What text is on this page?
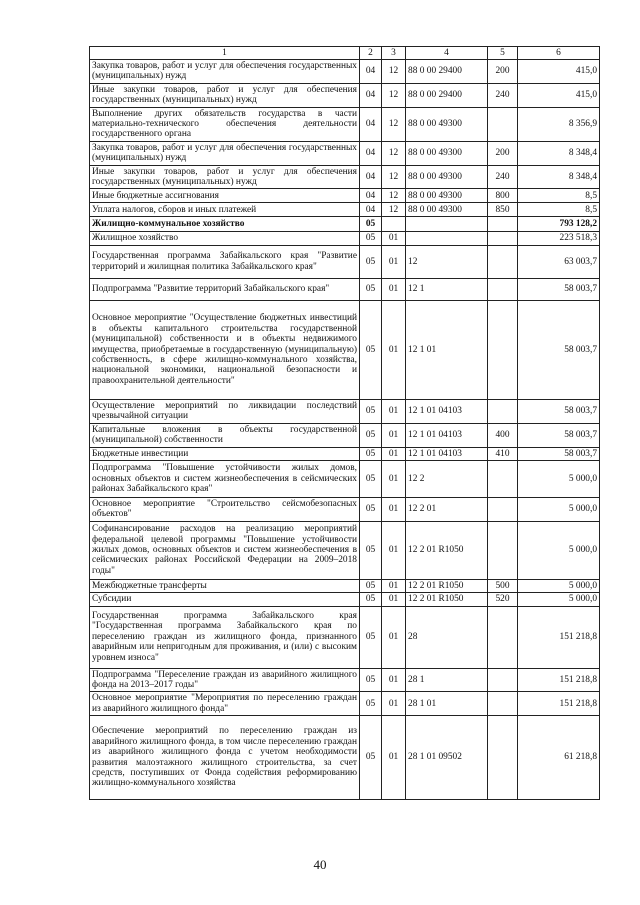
1	2	3	4	5	6
Закупка товаров, работ и услуг для обеспечения государственных (муниципальных) нужд	04	12	88 0 00 29400	200	415,0
Иные закупки товаров, работ и услуг для обеспечения государственных (муниципальных) нужд	04	12	88 0 00 29400	240	415,0
Выполнение других обязательств государства в части материально-технического обеспечения деятельности государственного органа	04	12	88 0 00 49300		8 356,9
Закупка товаров, работ и услуг для обеспечения государственных (муниципальных) нужд	04	12	88 0 00 49300	200	8 348,4
Иные закупки товаров, работ и услуг для обеспечения государственных (муниципальных) нужд	04	12	88 0 00 49300	240	8 348,4
Иные бюджетные ассигнования	04	12	88 0 00 49300	800	8,5
Уплата налогов, сборов и иных платежей	04	12	88 0 00 49300	850	8,5
Жилищно-коммунальное хозяйство	05				793 128,2
Жилищное хозяйство	05	01			223 518,3
Государственная программа Забайкальского края "Развитие территорий и жилищная политика Забайкальского края"	05	01	12		63 003,7
Подпрограмма "Развитие территорий Забайкальского края"	05	01	12 1		58 003,7
Основное мероприятие "Осуществление бюджетных инвестиций в объекты капитального строительства государственной (муниципальной) собственности и в объекты недвижимого имущества, приобретаемые в государственную (муниципальную) собственность, в сфере жилищно-коммунального хозяйства, национальной экономики, национальной безопасности и правоохранительной деятельности"	05	01	12 1 01		58 003,7
Осуществление мероприятий по ликвидации последствий чрезвычайной ситуации	05	01	12 1 01 04103		58 003,7
Капитальные вложения в объекты государственной (муниципальной) собственности	05	01	12 1 01 04103	400	58 003,7
Бюджетные инвестиции	05	01	12 1 01 04103	410	58 003,7
Подпрограмма "Повышение устойчивости жилых домов, основных объектов и систем жизнеобеспечения в сейсмических районах Забайкальского края"	05	01	12 2		5 000,0
Основное мероприятие "Строительство сейсмобезопасных объектов"	05	01	12 2 01		5 000,0
Софинансирование расходов на реализацию мероприятий федеральной целевой программы "Повышение устойчивости жилых домов, основных объектов и систем жизнеобеспечения в сейсмических районах Российской Федерации на 2009–2018 годы"	05	01	12 2 01 R1050		5 000,0
Межбюджетные трансферты	05	01	12 2 01 R1050	500	5 000,0
Субсидии	05	01	12 2 01 R1050	520	5 000,0
Государственная программа Забайкальского края "Государственная программа Забайкальского края по переселению граждан из жилищного фонда, признанного аварийным или непригодным для проживания, и (или) с высоким уровнем износа"	05	01	28		151 218,8
Подпрограмма "Переселение граждан из аварийного жилищного фонда на 2013–2017 годы"	05	01	28 1		151 218,8
Основное мероприятие "Мероприятия по переселению граждан из аварийного жилищного фонда"	05	01	28 1 01		151 218,8
Обеспечение мероприятий по переселению граждан из аварийного жилищного фонда, в том числе переселению граждан из аварийного жилищного фонда с учетом необходимости развития малоэтажного жилищного строительства, за счет средств, поступивших от Фонда содействия реформированию жилищно-коммунального хозяйства	05	01	28 1 01 09502		61 218,8
40
